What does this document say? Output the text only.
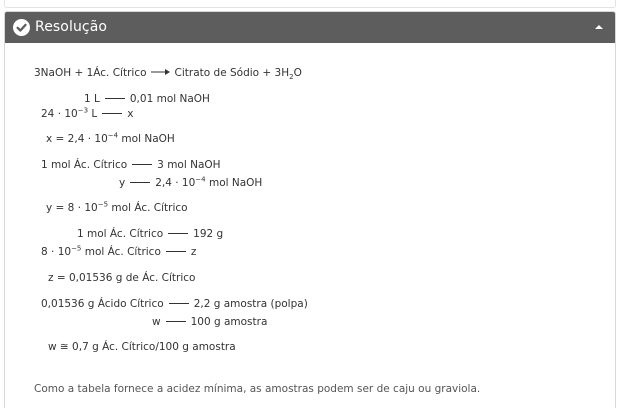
Resolução
3NaOH + 1Ác. Cítrico → Citrato de Sódio + $3H_2O$
1 L	0,01 mol NaOH
$24 \cdot 10^{-3}$ L	x
$x = 2,4 \cdot 10^{-4}$ mol NaOH
1 mol Ác. Cítrico	3 mol NaOH
y	$2,4 \cdot 10^{-4}$ mol NaOH
$y = 8 \cdot 10^{-5}$ mol Ác. Cítrico
1 mol Ác. Cítrico	192 g
$8 \cdot 10^{-5}$ mol Ác. Cítrico	z
z = 0,01536 g de Ác. Cítrico
0,01536 g Ácido Cítrico	2,2 g amostra (polpa)
w	100 g amostra
w ≅ 0,7 g Ác. Cítrico/100 g amostra
Como a tabela fornece a acidez mínima, as amostras podem ser de caju ou graviola.
